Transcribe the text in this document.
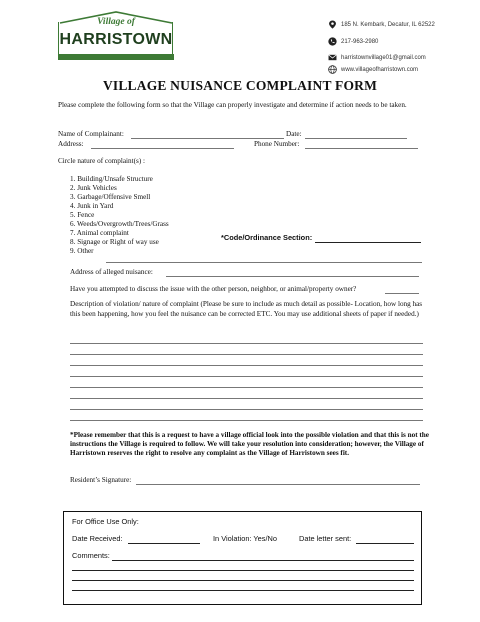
Village of
HARRISTOWN
185 N. Kembark, Decatur, IL 62522
217-963-2980
harristownvillage01@gmail.com
www.villageofharristown.com
VILLAGE NUISANCE COMPLAINT FORM
Please complete the following form so that the Village can properly investigate and determine if action needs to be taken.
Name of Complainant:	Date:
Address:	Phone Number:
Circle nature of complaint(s) :
1. Building/Unsafe Structure
2. Junk Vehicles
3. Garbage/Offensive Smell
4. Junk in Yard
5. Fence
6. Weeds/Overgrowth/Trees/Grass
7. Animal complaint
8. Signage or Right of way use
9. Other
*Code/Ordinance Section:
Address of alleged nuisance:
Have you attempted to discuss the issue with the other person, neighbor, or animal/property owner?
Description of violation/ nature of complaint (Please be sure to include as much detail as possible- Location, how long has this been happening, how you feel the nuisance can be corrected ETC. You may use additional sheets of paper if needed.)
*Please remember that this is a request to have a village official look into the possible violation and that this is not the instructions the Village is required to follow. We will take your resolution into consideration; however, the Village of Harristown reserves the right to resolve any complaint as the Village of Harristown sees fit.
Resident’s Signature:
For Office Use Only:
Date Received:	In Violation: Yes/No	Date letter sent:
Comments:
